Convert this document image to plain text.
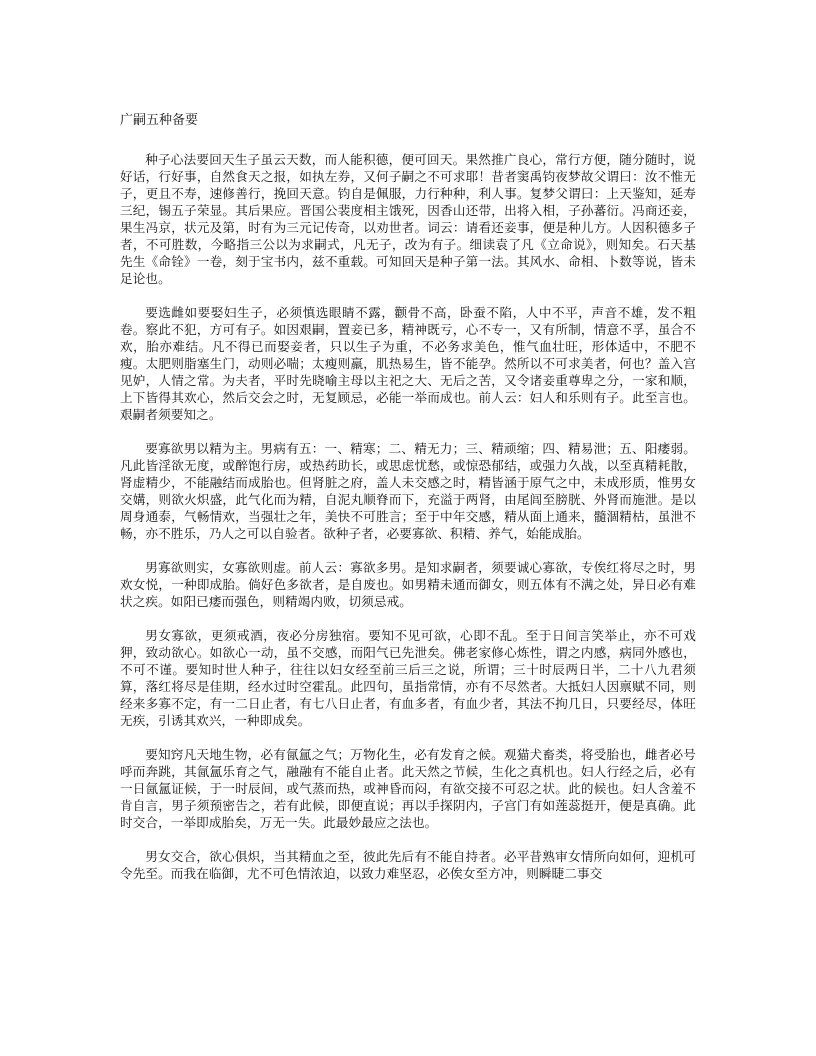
广嗣五种备要

种子心法要回天生子虽云天数，而人能积德，便可回天。果然推广良心，常行方便，随分随时，说好话，行好事，自然食天之报，如执左券，又何子嗣之不可求耶！昔者窦禹钧夜梦故父谓曰：汝不惟无子，更且不寿，速修善行，挽回天意。钧自是佩服，力行种种，利人事。复梦父谓曰：上天鉴知，延寿三纪，锡五子荣显。其后果应。晋国公裴度相主饿死，因香山还带，出将入相，子孙蕃衍。冯商还妾，果生冯京，状元及第，时有为三元记传奇，以劝世者。词云：请看还妾事，便是种儿方。人因积德多子者，不可胜数，今略指三公以为求嗣式，凡无子，改为有子。细读袁了凡《立命说》，则知矣。石天基先生《命铨》一卷，刻于宝书内，兹不重载。可知回天是种子第一法。其风水、命相、卜数等说，皆未足论也。

要选雌如要娶妇生子，必须慎选眼睛不露，颧骨不高，卧蚕不陷，人中不平，声音不雄，发不粗卷。察此不犯，方可有子。如因艰嗣，置妾已多，精神既亏，心不专一，又有所制，情意不孚，虽合不欢，胎亦难结。凡不得已而娶妾者，只以生子为重，不必务求美色，惟气血壮旺，形体适中，不肥不瘦。太肥则脂塞生门，动则必喘；太瘦则羸，肌热易生，皆不能孕。然所以不可求美者，何也？盖入宫见妒，人情之常。为夫者，平时先晓喻主母以主祀之大、无后之苦，又令诸妾重尊卑之分，一家和顺，上下皆得其欢心，然后交会之时，无复顾忌，必能一举而成也。前人云：妇人和乐则有子。此至言也。艰嗣者须要知之。

要寡欲男以精为主。男病有五：一、精寒；二、精无力；三、精顽缩；四、精易泄；五、阳痿弱。凡此皆淫欲无度，或醉饱行房，或热药助长，或思虑忧愁，或惊恐郁结，或强力久战，以至真精耗散，肾虚精少，不能融结而成胎也。但肾脏之府，盖人未交感之时，精皆涵于原气之中，未成形质，惟男女交媾，则欲火炽盛，此气化而为精，自泥丸顺脊而下，充溢于两肾，由尾闾至膀胱、外肾而施泄。是以周身通泰，气畅情欢，当强壮之年，美快不可胜言；至于中年交感，精从面上通来，髓涸精枯，虽泄不畅，亦不胜乐，乃人之可以自验者。欲种子者，必要寡欲、积精、养气，始能成胎。

男寡欲则实，女寡欲则虚。前人云：寡欲多男。是知求嗣者，须要诚心寡欲，专俟红将尽之时，男欢女悦，一种即成胎。倘好色多欲者，是自废也。如男精未通而御女，则五体有不满之处，异日必有难状之疾。如阳已痿而强色，则精竭内败，切须忌戒。

男女寡欲，更须戒酒，夜必分房独宿。要知不见可欲，心即不乱。至于日间言笑举止，亦不可戏狎，致动欲心。如欲心一动，虽不交感，而阳气已先泄矣。佛老家修心炼性，谓之内感，病同外感也，不可不谨。要知时世人种子，往往以妇女经至前三后三之说，所谓；三十时辰两日半，二十八九君须算，落红将尽是佳期，经水过时空霍乱。此四句，虽指常情，亦有不尽然者。大抵妇人因禀赋不同，则经来多寡不定，有一二日止者，有七八日止者，有血多者，有血少者，其法不拘几日，只要经尽，体旺无疾，引诱其欢兴，一种即成矣。

要知窍凡天地生物，必有氤氲之气；万物化生，必有发育之候。观猫犬畜类，将受胎也，雌者必号呼而奔跳，其氤氲乐育之气，融融有不能自止者。此天然之节候，生化之真机也。妇人行经之后，必有一日氤氲证候，于一时辰间，或气蒸而热，或神昏而闷，有欲交接不可忍之状。此的候也。妇人含羞不肯自言，男子须预密告之，若有此候，即便直说；再以手探阴内，子宫门有如莲蕊挺开，便是真确。此时交合，一举即成胎矣，万无一失。此最妙最应之法也。

男女交合，欲心俱炽，当其精血之至，彼此先后有不能自持者。必平昔熟审女情所向如何，迎机可令先至。而我在临御，尤不可色情浓迫，以致力难坚忍，必俟女至方冲，则瞬睫二事交
